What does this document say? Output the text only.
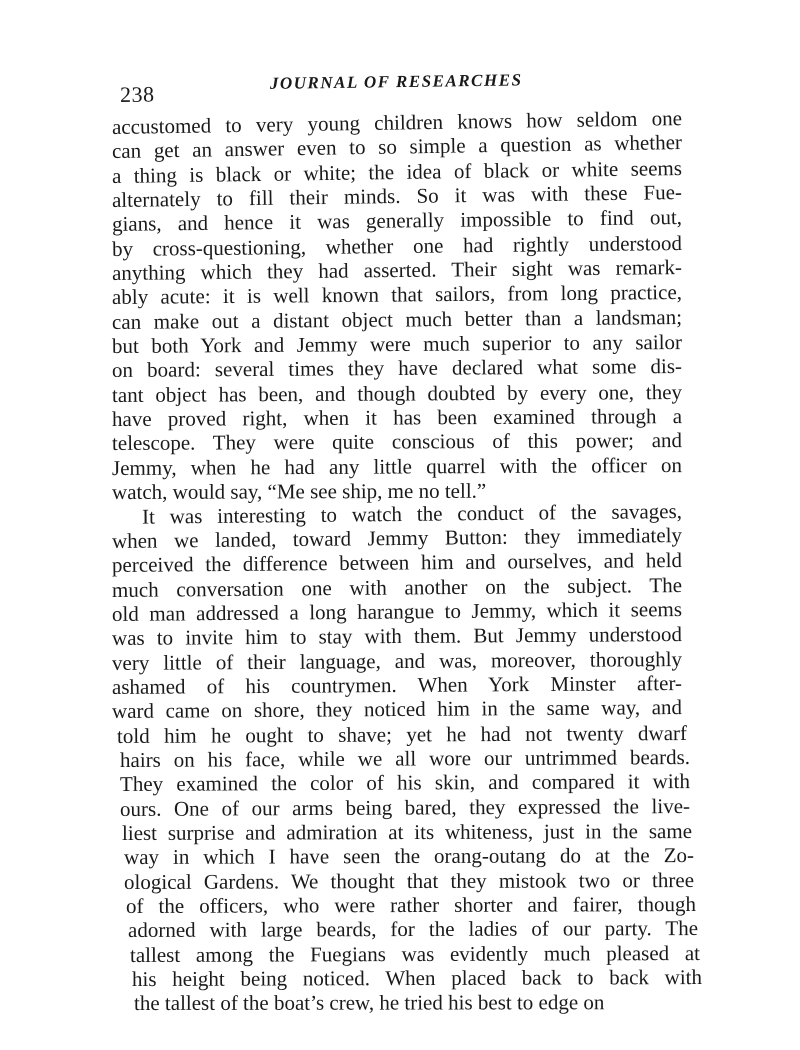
238	JOURNAL OF RESEARCHES
accustomed to very young children knows how seldom one
can get an answer even to so simple a question as whether
a thing is black or white; the idea of black or white seems
alternately to fill their minds. So it was with these Fue-
gians, and hence it was generally impossible to find out,
by cross-questioning, whether one had rightly understood
anything which they had asserted. Their sight was remark-
ably acute: it is well known that sailors, from long practice,
can make out a distant object much better than a landsman;
but both York and Jemmy were much superior to any sailor
on board: several times they have declared what some dis-
tant object has been, and though doubted by every one, they
have proved right, when it has been examined through a
telescope. They were quite conscious of this power; and
Jemmy, when he had any little quarrel with the officer on
watch, would say, “Me see ship, me no tell.”
It was interesting to watch the conduct of the savages,
when we landed, toward Jemmy Button: they immediately
perceived the difference between him and ourselves, and held
much conversation one with another on the subject. The
old man addressed a long harangue to Jemmy, which it seems
was to invite him to stay with them. But Jemmy understood
very little of their language, and was, moreover, thoroughly
ashamed of his countrymen. When York Minster after-
ward came on shore, they noticed him in the same way, and
told him he ought to shave; yet he had not twenty dwarf
hairs on his face, while we all wore our untrimmed beards.
They examined the color of his skin, and compared it with
ours. One of our arms being bared, they expressed the live-
liest surprise and admiration at its whiteness, just in the same
way in which I have seen the orang-outang do at the Zo-
ological Gardens. We thought that they mistook two or three
of the officers, who were rather shorter and fairer, though
adorned with large beards, for the ladies of our party. The
tallest among the Fuegians was evidently much pleased at
his height being noticed. When placed back to back with
the tallest of the boat’s crew, he tried his best to edge on
